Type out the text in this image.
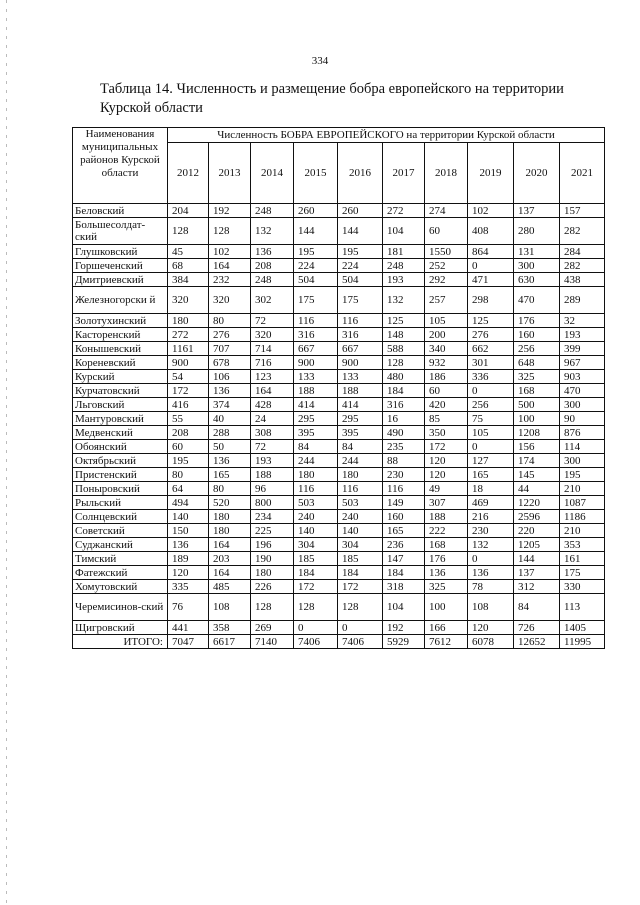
334
Таблица 14. Численность и размещение бобра европейского на территории
Курской области
Наименования муниципальных районов Курской области	Численность БОБРА ЕВРОПЕЙСКОГО на территории Курской области									
	2012	2013	2014	2015	2016	2017	2018	2019	2020	2021
Беловский	204	192	248	260	260	272	274	102	137	157
Большесолдат-ский	128	128	132	144	144	104	60	408	280	282
Глушковский	45	102	136	195	195	181	1550	864	131	284
Горшеченский	68	164	208	224	224	248	252	0	300	282
Дмитриевский	384	232	248	504	504	193	292	471	630	438
Железногорски й	320	320	302	175	175	132	257	298	470	289
Золотухинский	180	80	72	116	116	125	105	125	176	32
Касторенский	272	276	320	316	316	148	200	276	160	193
Конышевский	1161	707	714	667	667	588	340	662	256	399
Кореневский	900	678	716	900	900	128	932	301	648	967
Курский	54	106	123	133	133	480	186	336	325	903
Курчатовский	172	136	164	188	188	184	60	0	168	470
Льговский	416	374	428	414	414	316	420	256	500	300
Мантуровский	55	40	24	295	295	16	85	75	100	90
Медвенский	208	288	308	395	395	490	350	105	1208	876
Обоянский	60	50	72	84	84	235	172	0	156	114
Октябрьский	195	136	193	244	244	88	120	127	174	300
Пристенский	80	165	188	180	180	230	120	165	145	195
Поныровский	64	80	96	116	116	116	49	18	44	210
Рыльский	494	520	800	503	503	149	307	469	1220	1087
Солнцевский	140	180	234	240	240	160	188	216	2596	1186
Советский	150	180	225	140	140	165	222	230	220	210
Суджанский	136	164	196	304	304	236	168	132	1205	353
Тимский	189	203	190	185	185	147	176	0	144	161
Фатежский	120	164	180	184	184	184	136	136	137	175
Хомутовский	335	485	226	172	172	318	325	78	312	330
Черемисинов-ский	76	108	128	128	128	104	100	108	84	113
Щигровский	441	358	269	0	0	192	166	120	726	1405
ИТОГО:	7047	6617	7140	7406	7406	5929	7612	6078	12652	11995
